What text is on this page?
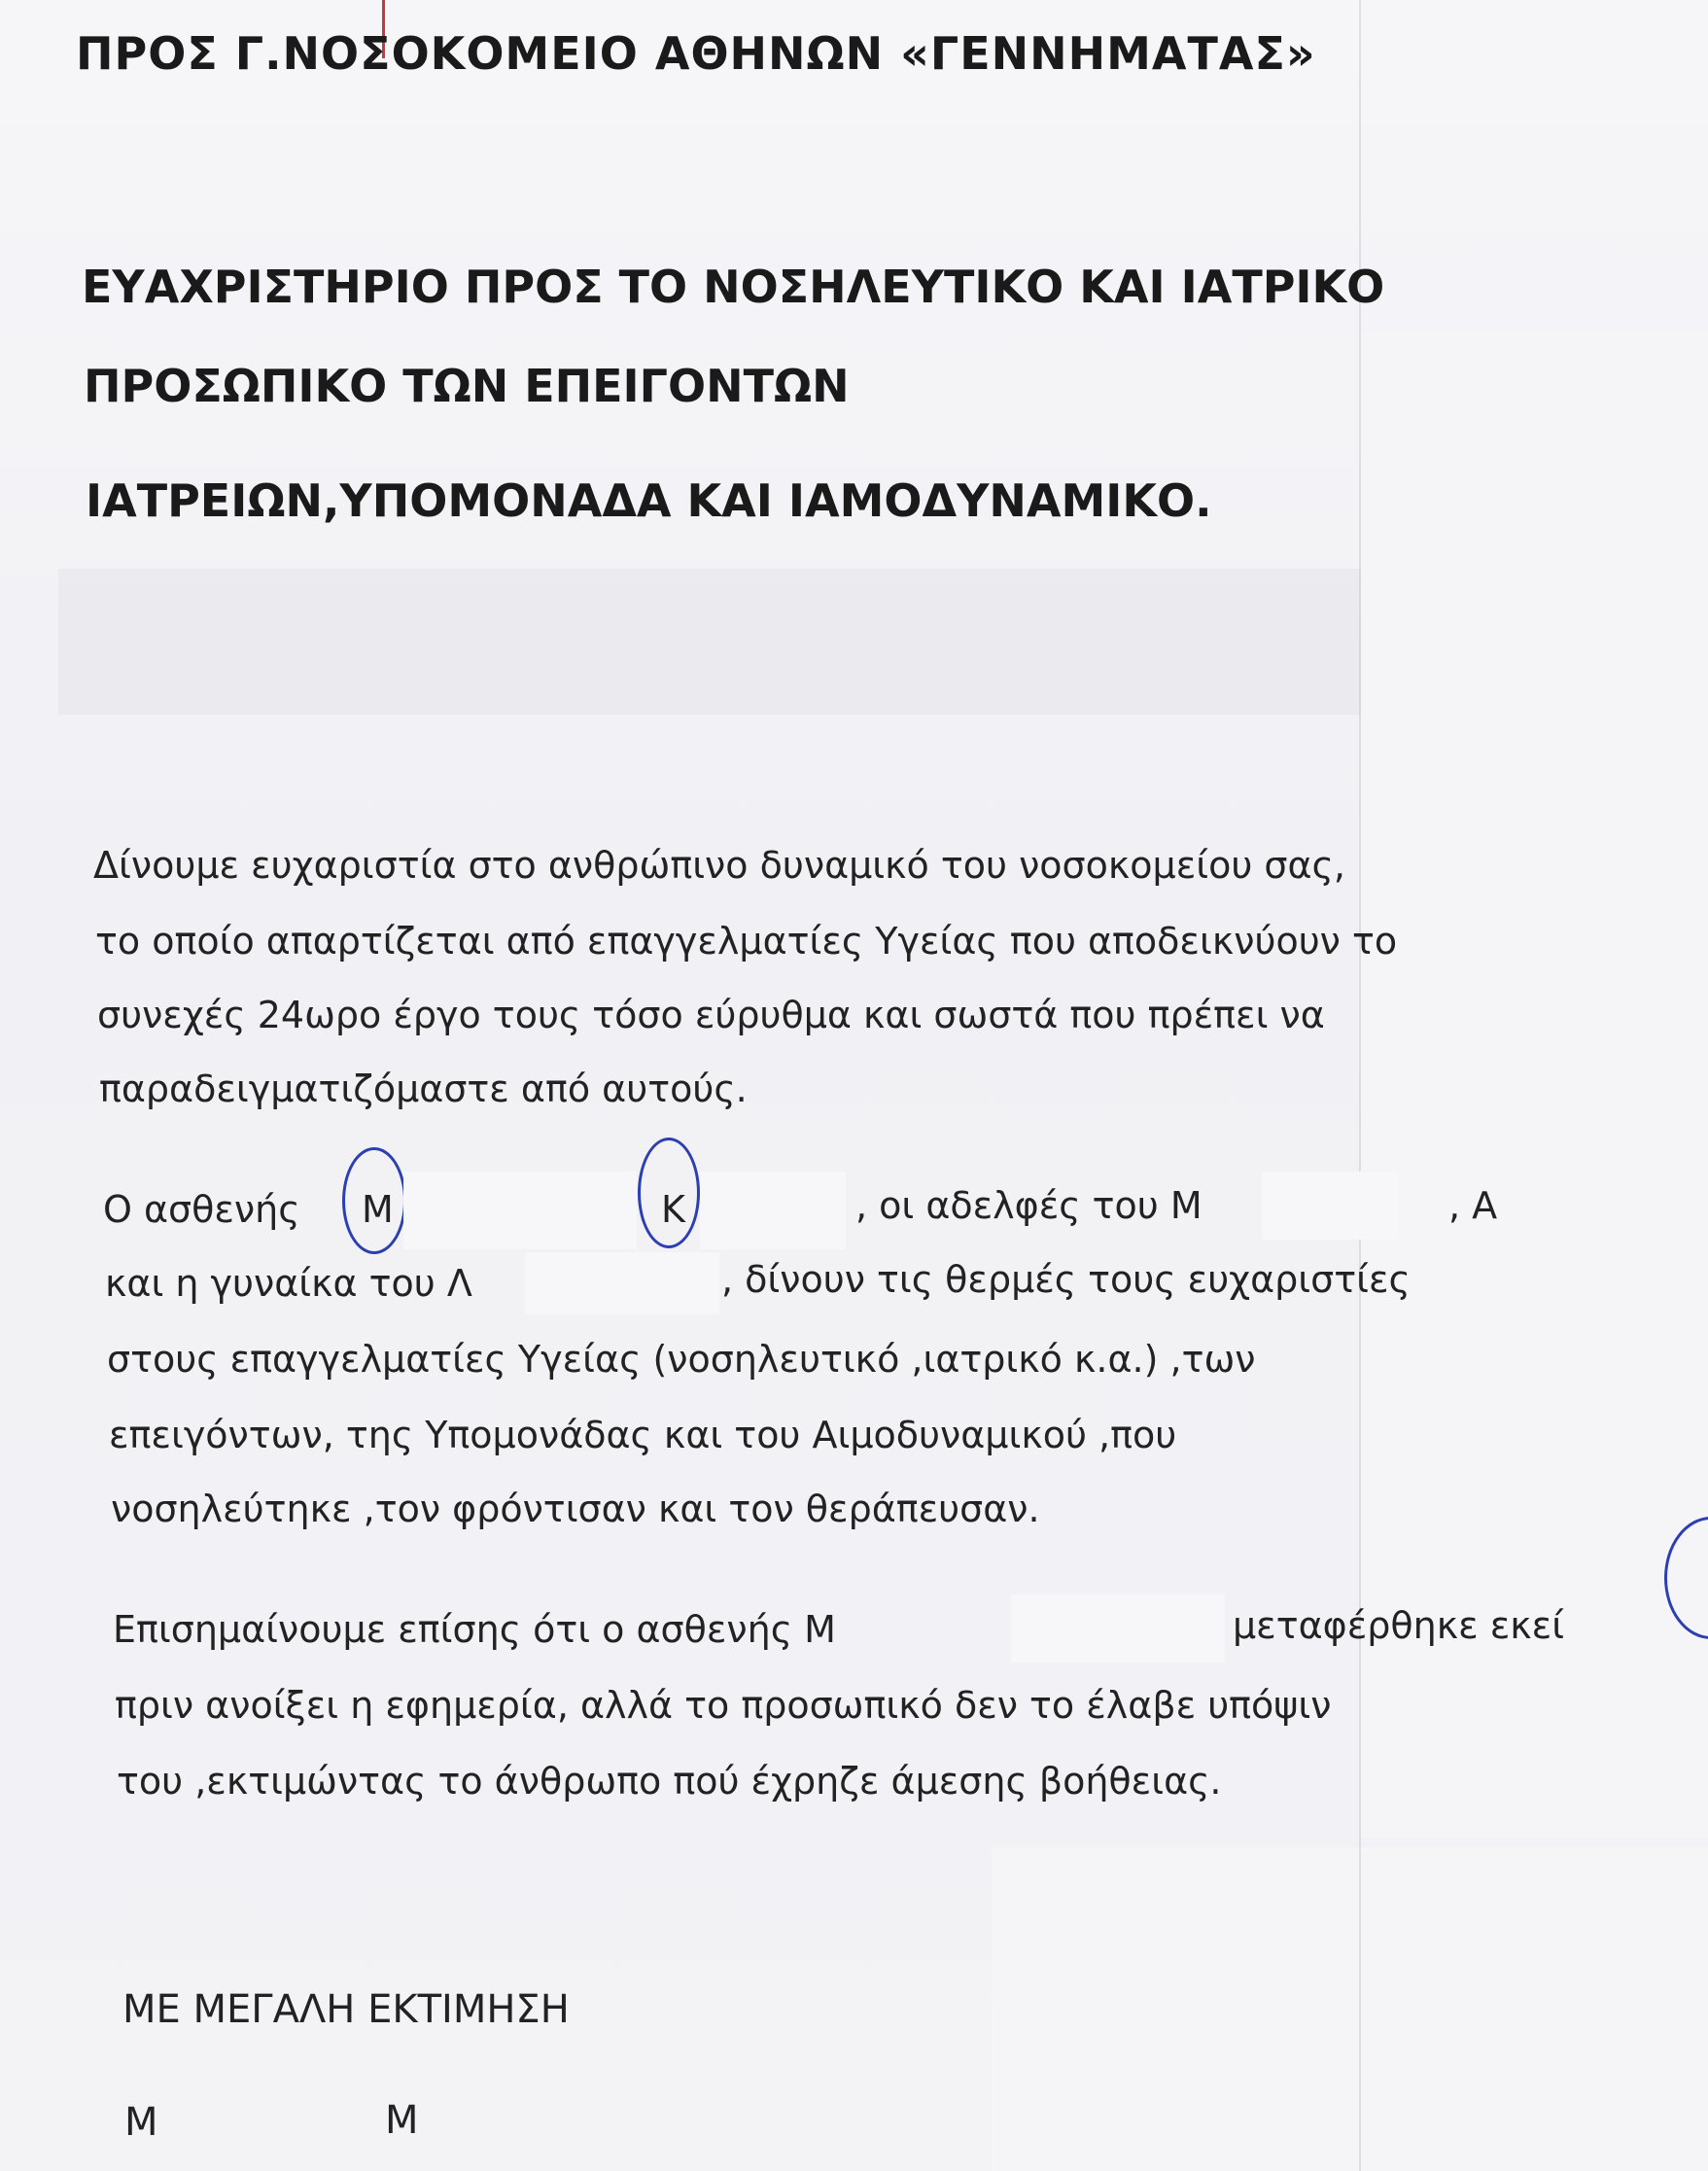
ΠΡΟΣ Γ.ΝΟΣΟΚΟΜΕΙΟ ΑΘΗΝΩΝ «ΓΕΝΝΗΜΑΤΑΣ»
ΕΥΑΧΡΙΣΤΗΡΙΟ ΠΡΟΣ ΤΟ ΝΟΣΗΛΕΥΤΙΚΟ ΚΑΙ ΙΑΤΡΙΚΟ
ΠΡΟΣΩΠΙΚΟ ΤΩΝ ΕΠΕΙΓΟΝΤΩΝ
ΙΑΤΡΕΙΩΝ,ΥΠΟΜΟΝΑΔΑ ΚΑΙ ΙΑΜΟΔΥΝΑΜΙΚΟ.
Δίνουμε ευχαριστία στο ανθρώπινο δυναμικό του νοσοκομείου σας,
το οποίο απαρτίζεται από επαγγελματίες Υγείας που αποδεικνύουν το
συνεχές 24ωρο έργο τους τόσο εύρυθμα και σωστά που πρέπει να
παραδειγματιζόμαστε από αυτούς.
Ο ασθενής Μ	Κ	, οι αδελφές του Μ	, Α
και η γυναίκα του Λ	, δίνουν τις θερμές τους ευχαριστίες
στους επαγγελματίες Υγείας (νοσηλευτικό ,ιατρικό κ.α.) ,των
επειγόντων, της Υπομονάδας και του Αιμοδυναμικού ,που
νοσηλεύτηκε ,τον φρόντισαν και τον θεράπευσαν.
Επισημαίνουμε επίσης ότι ο ασθενής Μ	μεταφέρθηκε εκεί
πριν ανοίξει η εφημερία, αλλά το προσωπικό δεν το έλαβε υπόψιν
του ,εκτιμώντας το άνθρωπο πού έχρηζε άμεσης βοήθειας.
ΜΕ ΜΕΓΑΛΗ ΕΚΤΙΜΗΣΗ
Μ	Μ
